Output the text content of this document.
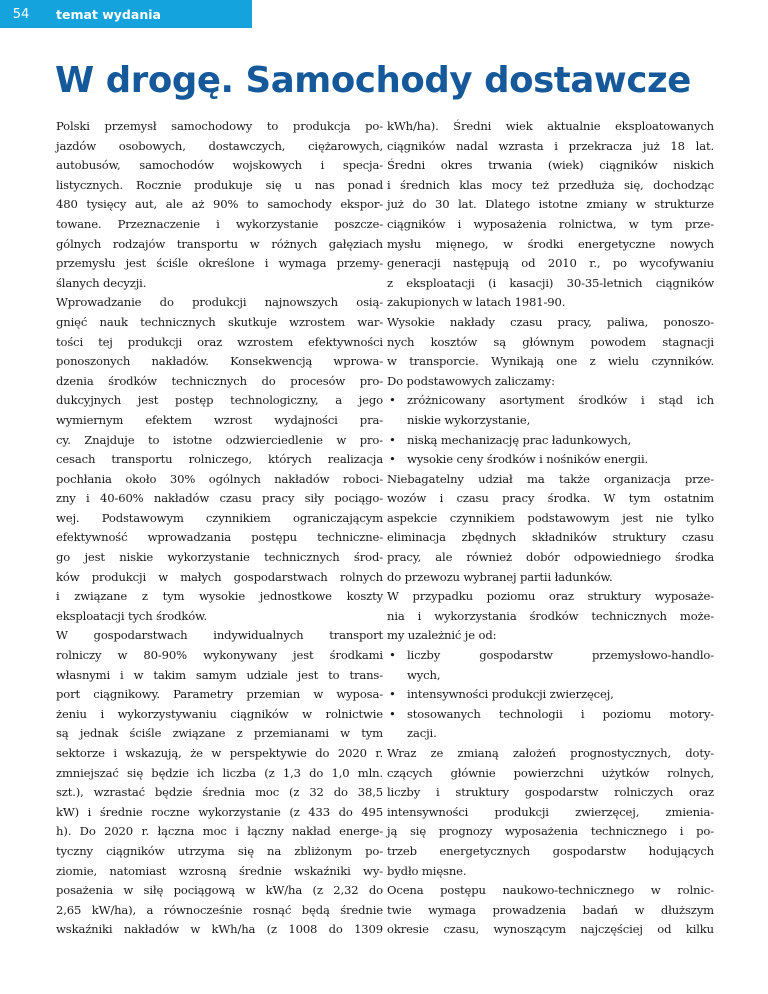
54	temat wydania
W drogę. Samochody dostawcze
Polski przemysł samochodowy to produkcja po-
jazdów osobowych, dostawczych, ciężarowych,
autobusów, samochodów wojskowych i specja-
listycznych. Rocznie produkuje się u nas ponad
480 tysięcy aut, ale aż 90% to samochody ekspor-
towane. Przeznaczenie i wykorzystanie poszcze-
gólnych rodzajów transportu w różnych gałęziach
przemysłu jest ściśle określone i wymaga przemy-
ślanych decyzji.
Wprowadzanie do produkcji najnowszych osią-
gnięć nauk technicznych skutkuje wzrostem war-
tości tej produkcji oraz wzrostem efektywności
ponoszonych nakładów. Konsekwencją wprowa-
dzenia środków technicznych do procesów pro-
dukcyjnych jest postęp technologiczny, a jego
wymiernym efektem wzrost wydajności pra-
cy. Znajduje to istotne odzwierciedlenie w pro-
cesach transportu rolniczego, których realizacja
pochłania około 30% ogólnych nakładów roboci-
zny i 40-60% nakładów czasu pracy siły pociągo-
wej. Podstawowym czynnikiem ograniczającym
efektywność wprowadzania postępu techniczne-
go jest niskie wykorzystanie technicznych środ-
ków produkcji w małych gospodarstwach rolnych
i związane z tym wysokie jednostkowe koszty
eksploatacji tych środków.
W gospodarstwach indywidualnych transport
rolniczy w 80-90% wykonywany jest środkami
własnymi i w takim samym udziale jest to trans-
port ciągnikowy. Parametry przemian w wyposa-
żeniu i wykorzystywaniu ciągników w rolnictwie
są jednak ściśle związane z przemianami w tym
sektorze i wskazują, że w perspektywie do 2020 r.
zmniejszać się będzie ich liczba (z 1,3 do 1,0 mln.
szt.), wzrastać będzie średnia moc (z 32 do 38,5
kW) i średnie roczne wykorzystanie (z 433 do 495
h). Do 2020 r. łączna moc i łączny nakład energe-
tyczny ciągników utrzyma się na zbliżonym po-
ziomie, natomiast wzrosną średnie wskaźniki wy-
posażenia w siłę pociągową w kW/ha (z 2,32 do
2,65 kW/ha), a równocześnie rosnąć będą średnie
wskaźniki nakładów w kWh/ha (z 1008 do 1309
kWh/ha). Średni wiek aktualnie eksploatowanych
ciągników nadal wzrasta i przekracza już 18 lat.
Średni okres trwania (wiek) ciągników niskich
i średnich klas mocy też przedłuża się, dochodząc
już do 30 lat. Dlatego istotne zmiany w strukturze
ciągników i wyposażenia rolnictwa, w tym prze-
mysłu mięnego, w środki energetyczne nowych
generacji następują od 2010 r., po wycofywaniu
z eksploatacji (i kasacji) 30-35-letnich ciągników
zakupionych w latach 1981-90.
Wysokie nakłady czasu pracy, paliwa, ponoszo-
nych kosztów są głównym powodem stagnacji
w transporcie. Wynikają one z wielu czynników.
Do podstawowych zaliczamy:
• zróżnicowany asortyment środków i stąd ich
niskie wykorzystanie,
• niską mechanizację prac ładunkowych,
• wysokie ceny środków i nośników energii.
Niebagatelny udział ma także organizacja prze-
wozów i czasu pracy środka. W tym ostatnim
aspekcie czynnikiem podstawowym jest nie tylko
eliminacja zbędnych składników struktury czasu
pracy, ale również dobór odpowiedniego środka
do przewozu wybranej partii ładunków.
W przypadku poziomu oraz struktury wyposaże-
nia i wykorzystania środków technicznych może-
my uzależnić je od:
• liczby gospodarstw przemysłowo-handlo-
wych,
• intensywności produkcji zwierzęcej,
• stosowanych technologii i poziomu motory-
zacji.
Wraz ze zmianą założeń prognostycznych, doty-
czących głównie powierzchni użytków rolnych,
liczby i struktury gospodarstw rolniczych oraz
intensywności produkcji zwierzęcej, zmienia-
ją się prognozy wyposażenia technicznego i po-
trzeb energetycznych gospodarstw hodujących
bydło mięsne.
Ocena postępu naukowo-technicznego w rolnic-
twie wymaga prowadzenia badań w dłuższym
okresie czasu, wynoszącym najczęściej od kilku
